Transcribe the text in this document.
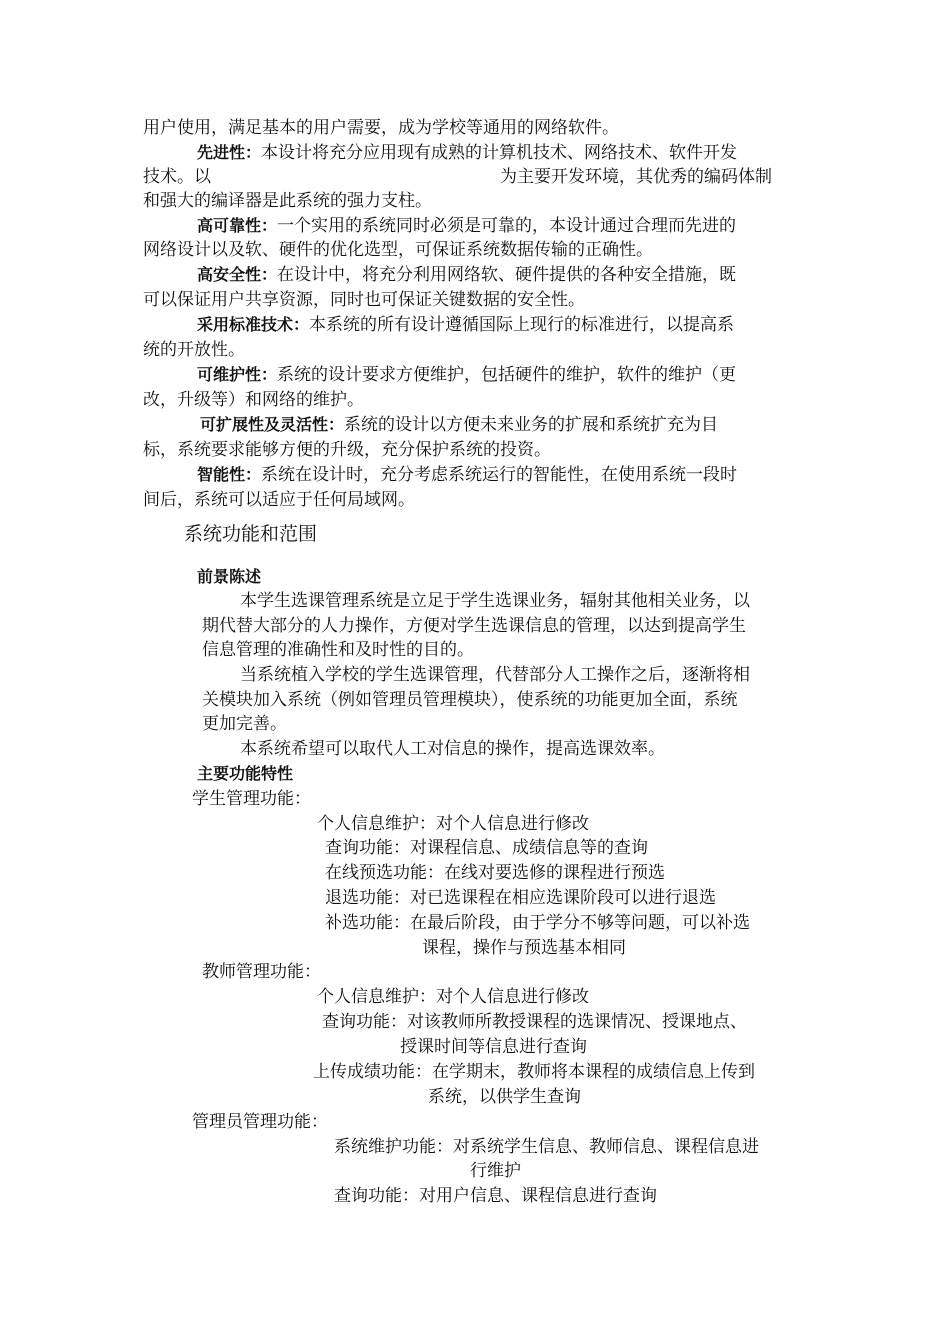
用户使用，满足基本的用户需要，成为学校等通用的网络软件。
先进性：本设计将充分应用现有成熟的计算机技术、网络技术、软件开发
技术。以	为主要开发环境，其优秀的编码体制
和强大的编译器是此系统的强力支柱。
高可靠性：一个实用的系统同时必须是可靠的，本设计通过合理而先进的
网络设计以及软、硬件的优化选型，可保证系统数据传输的正确性。
高安全性：在设计中，将充分利用网络软、硬件提供的各种安全措施，既
可以保证用户共享资源，同时也可保证关键数据的安全性。
采用标准技术：本系统的所有设计遵循国际上现行的标准进行，以提高系
统的开放性。
可维护性：系统的设计要求方便维护，包括硬件的维护，软件的维护（更
改，升级等）和网络的维护。
可扩展性及灵活性：系统的设计以方便未来业务的扩展和系统扩充为目
标，系统要求能够方便的升级，充分保护系统的投资。
智能性：系统在设计时，充分考虑系统运行的智能性，在使用系统一段时
间后，系统可以适应于任何局域网。
系统功能和范围
前景陈述
本学生选课管理系统是立足于学生选课业务，辐射其他相关业务，以
期代替大部分的人力操作，方便对学生选课信息的管理，以达到提高学生
信息管理的准确性和及时性的目的。
当系统植入学校的学生选课管理，代替部分人工操作之后，逐渐将相
关模块加入系统（例如管理员管理模块），使系统的功能更加全面，系统
更加完善。
本系统希望可以取代人工对信息的操作，提高选课效率。
主要功能特性
学生管理功能：
个人信息维护：对个人信息进行修改
查询功能：对课程信息、成绩信息等的查询
在线预选功能：在线对要选修的课程进行预选
退选功能：对已选课程在相应选课阶段可以进行退选
补选功能：在最后阶段，由于学分不够等问题，可以补选
课程，操作与预选基本相同
教师管理功能：
个人信息维护：对个人信息进行修改
查询功能：对该教师所教授课程的选课情况、授课地点、
授课时间等信息进行查询
上传成绩功能：在学期末，教师将本课程的成绩信息上传到
系统，以供学生查询
管理员管理功能：
系统维护功能：对系统学生信息、教师信息、课程信息进
行维护
查询功能：对用户信息、课程信息进行查询
